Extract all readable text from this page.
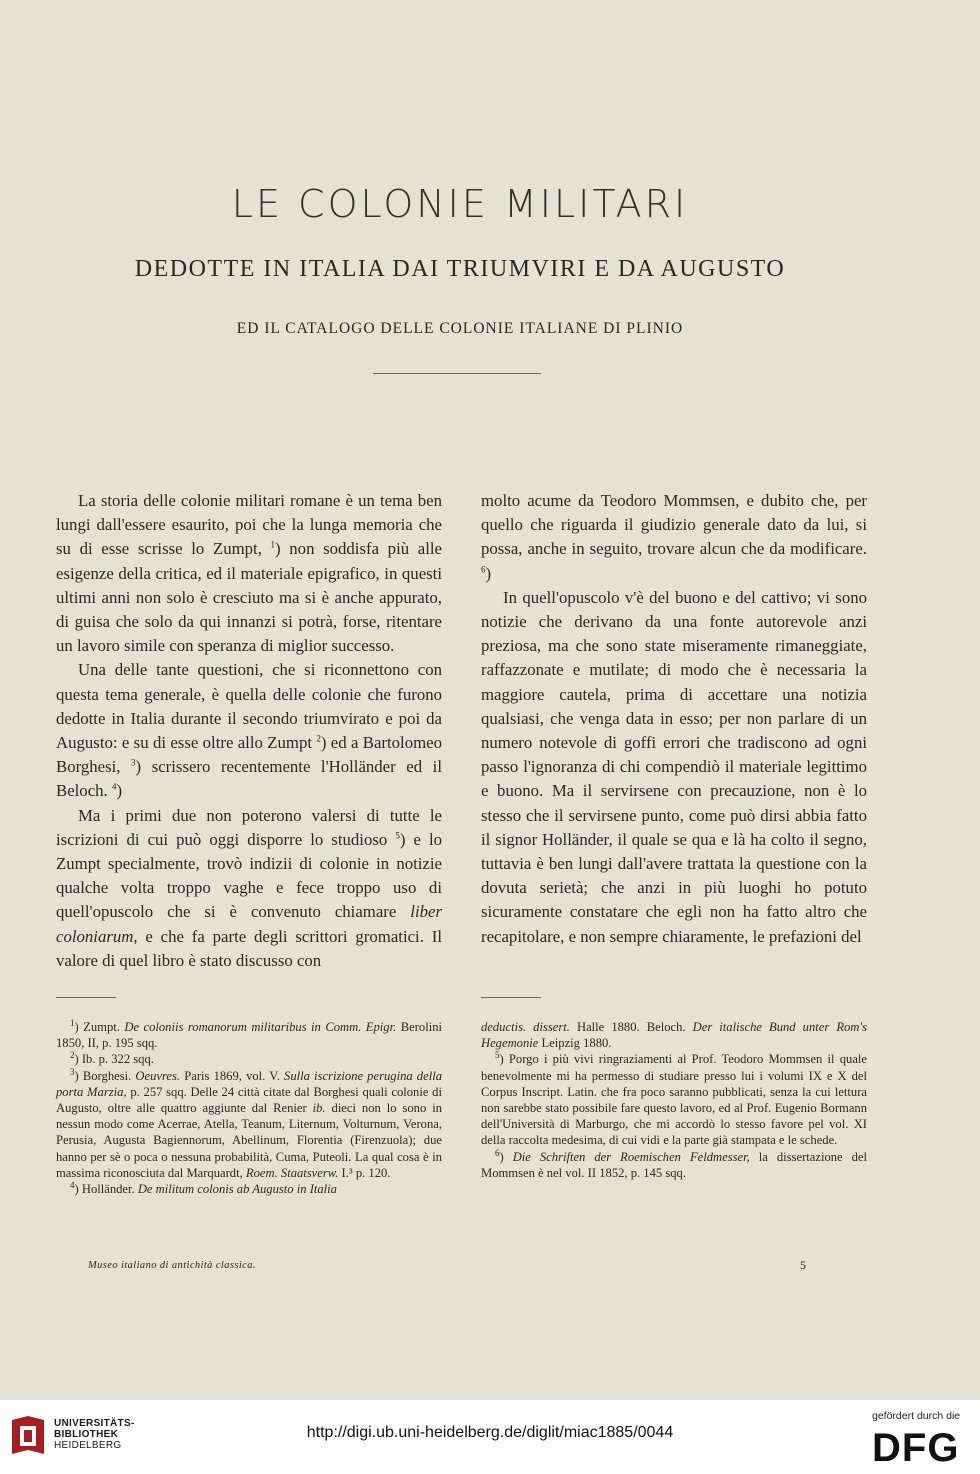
LE COLONIE MILITARI
DEDOTTE IN ITALIA DAI TRIUMVIRI E DA AUGUSTO
ED IL CATALOGO DELLE COLONIE ITALIANE DI PLINIO

La storia delle colonie militari romane è un tema ben lungi dall'essere esaurito, poi che la lunga memoria che su di esse scrisse lo Zumpt, $^1$) non soddisfa più alle esigenze della critica, ed il materiale epigrafico, in questi ultimi anni non solo è cresciuto ma si è anche appurato, di guisa che solo da qui innanzi si potrà, forse, ritentare un lavoro simile con speranza di miglior successo.

Una delle tante questioni, che si riconnettono con questa tema generale, è quella delle colonie che furono dedotte in Italia durante il secondo triumvirato e poi da Augusto: e su di esse oltre allo Zumpt $^2$) ed a Bartolomeo Borghesi, $^3$) scrissero recentemente l'Holländer ed il Beloch. $^4$)

Ma i primi due non poterono valersi di tutte le iscrizioni di cui può oggi disporre lo studioso $^5$) e lo Zumpt specialmente, trovò indizii di colonie in notizie qualche volta troppo vaghe e fece troppo uso di quell'opuscolo che si è convenuto chiamare liber coloniarum, e che fa parte degli scrittori gromatici. Il valore di quel libro è stato discusso con

molto acume da Teodoro Mommsen, e dubito che, per quello che riguarda il giudizio generale dato da lui, si possa, anche in seguito, trovare alcun che da modificare. $^6$)

In quell'opuscolo v'è del buono e del cattivo; vi sono notizie che derivano da una fonte autorevole anzi preziosa, ma che sono state miseramente rimaneggiate, raffazzonate e mutilate; di modo che è necessaria la maggiore cautela, prima di accettare una notizia qualsiasi, che venga data in esso; per non parlare di un numero notevole di goffi errori che tradiscono ad ogni passo l'ignoranza di chi compendiò il materiale legittimo e buono. Ma il servirsene con precauzione, non è lo stesso che il servirsene punto, come può dirsi abbia fatto il signor Holländer, il quale se qua e là ha colto il segno, tuttavia è ben lungi dall'avere trattata la questione con la dovuta serietà; che anzi in più luoghi ho potuto sicuramente constatare che egli non ha fatto altro che recapitolare, e non sempre chiaramente, le prefazioni del

$^1$) Zumpt. De coloniis romanorum militaribus in Comm. Epigr. Berolini 1850, II, p. 195 sqq.

$^2$) Ib. p. 322 sqq.

$^3$) Borghesi. Oeuvres. Paris 1869, vol. V. Sulla iscrizione perugina della porta Marzia, p. 257 sqq. Delle 24 città citate dal Borghesi quali colonie di Augusto, oltre alle quattro aggiunte dal Renier ib. dieci non lo sono in nessun modo come Acerrae, Atella, Teanum, Liternum, Volturnum, Verona, Perusia, Augusta Bagiennorum, Abellinum, Florentia (Firenzuola); due hanno per sè o poca o nessuna probabilità, Cuma, Puteoli. La qual cosa è in massima riconosciuta dal Marquardt, Roem. Staatsverw. I.³ p. 120.

$^4$) Holländer. De militum colonis ab Augusto in Italia

deductis. dissert. Halle 1880. Beloch. Der italische Bund unter Rom's Hegemonie Leipzig 1880.

$^5$) Porgo i più vivi ringraziamenti al Prof. Teodoro Mommsen il quale benevolmente mi ha permesso di studiare presso lui i volumi IX e X del Corpus Inscript. Latin. che fra poco saranno pubblicati, senza la cui lettura non sarebbe stato possibile fare questo lavoro, ed al Prof. Eugenio Bormann dell'Università di Marburgo, che mi accordò lo stesso favore pel vol. XI della raccolta medesima, di cui vidi e la parte già stampata e le schede.

$^6$) Die Schriften der Roemischen Feldmesser, la dissertazione del Mommsen è nel vol. II 1852, p. 145 sqq.

Museo italiano di antichità classica.	5
UNIVERSITÄTS-
BIBLIOTHEK
HEIDELBERG
http://digi.ub.uni-heidelberg.de/diglit/miac1885/0044
gefördert durch die
DFG
